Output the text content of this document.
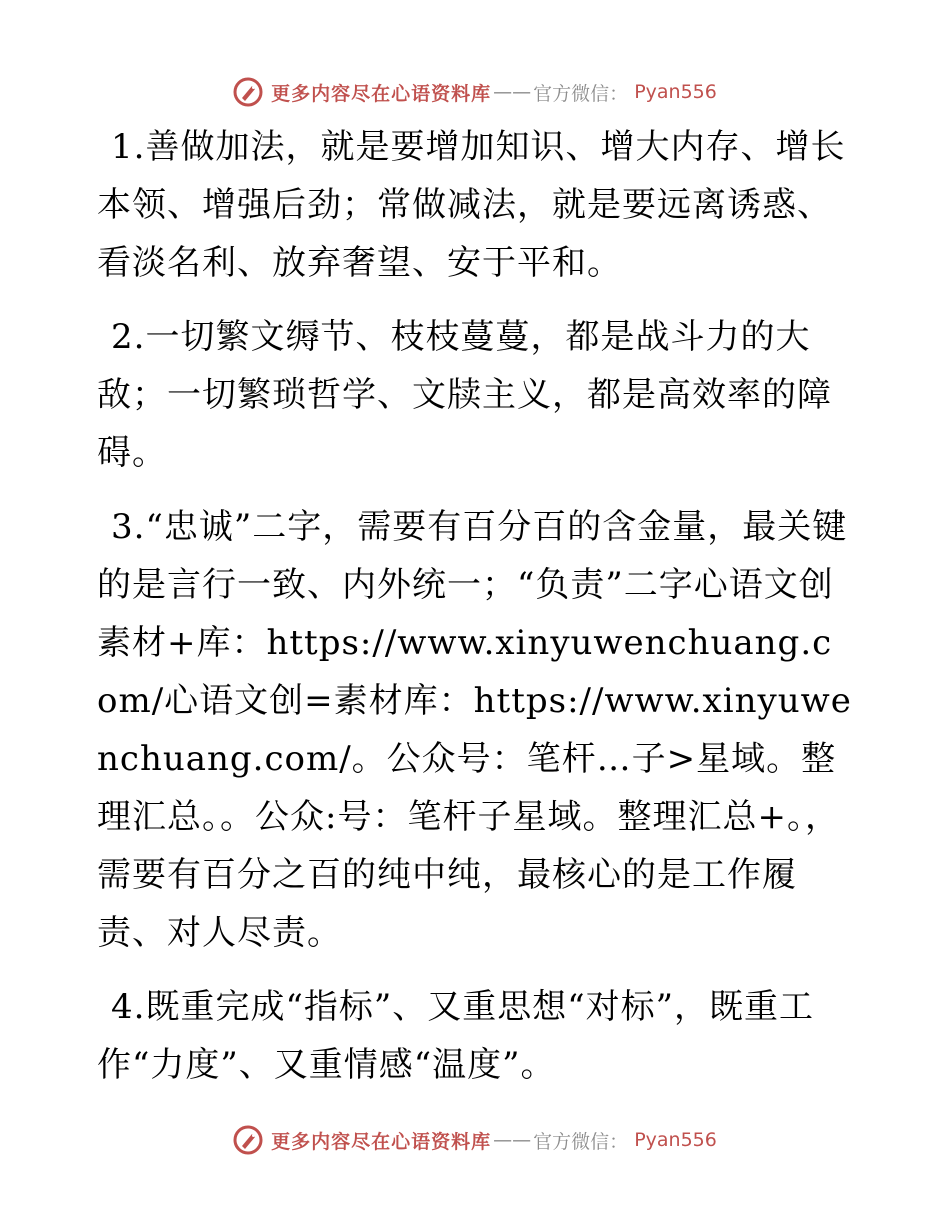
更多内容尽在心语资料库 —— 官方微信： Pyan556

1.善做加法，就是要增加知识、增大内存、增长本领、增强后劲；常做减法，就是要远离诱惑、看淡名利、放弃奢望、安于平和。

2.一切繁文缛节、枝枝蔓蔓，都是战斗力的大敌；一切繁琐哲学、文牍主义，都是高效率的障碍。

3.“忠诚”二字，需要有百分百的含金量，最关键的是言行一致、内外统一；“负责”二字心语文创素材+库：https://www.xinyuwenchuang.com/心语文创=素材库：https://www.xinyuwenchuang.com/。公众号：笔杆…子>星域。整理汇总。。公众:号：笔杆子星域。整理汇总+。，需要有百分之百的纯中纯，最核心的是工作履责、对人尽责。

4.既重完成“指标”、又重思想“对标”，既重工作“力度”、又重情感“温度”。

更多内容尽在心语资料库 —— 官方微信： Pyan556
